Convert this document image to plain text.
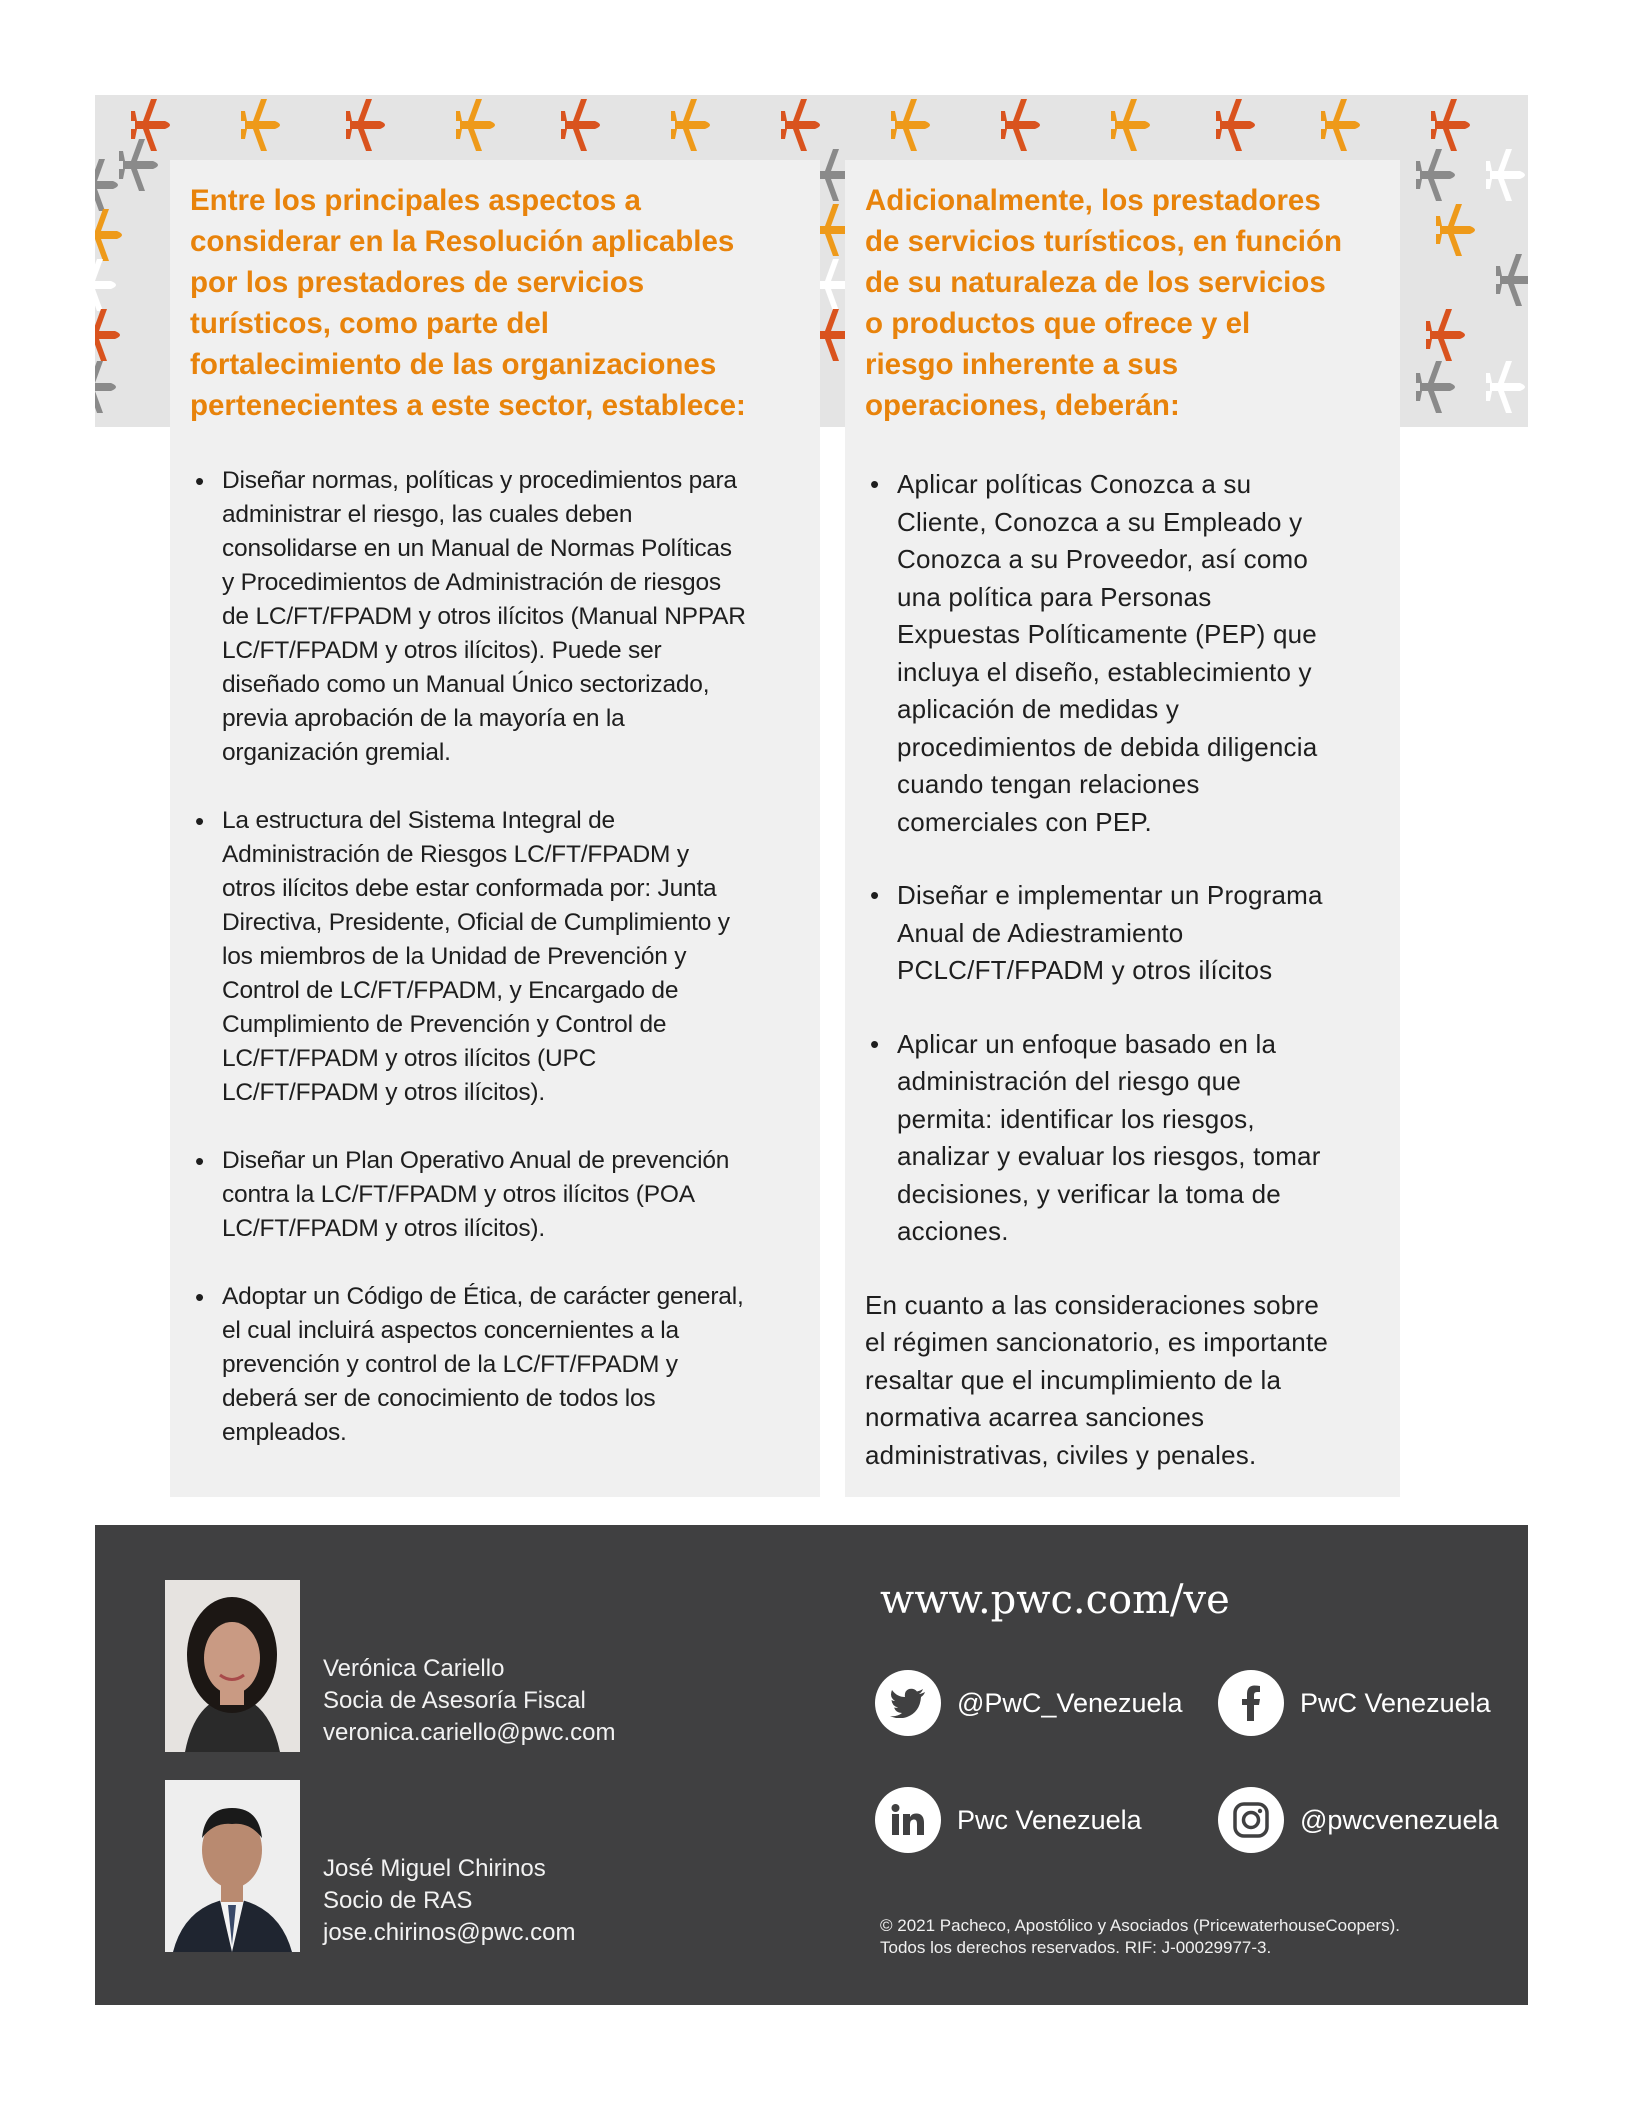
Entre los principales aspectos a
considerar en la Resolución aplicables
por los prestadores de servicios
turísticos, como parte del
fortalecimiento de las organizaciones
pertenecientes a este sector, establece:

• Diseñar normas, políticas y procedimientos para
administrar el riesgo, las cuales deben
consolidarse en un Manual de Normas Políticas
y Procedimientos de Administración de riesgos
de LC/FT/FPADM y otros ilícitos (Manual NPPAR
LC/FT/FPADM y otros ilícitos). Puede ser
diseñado como un Manual Único sectorizado,
previa aprobación de la mayoría en la
organización gremial.
• La estructura del Sistema Integral de
Administración de Riesgos LC/FT/FPADM y
otros ilícitos debe estar conformada por: Junta
Directiva, Presidente, Oficial de Cumplimiento y
los miembros de la Unidad de Prevención y
Control de LC/FT/FPADM, y Encargado de
Cumplimiento de Prevención y Control de
LC/FT/FPADM y otros ilícitos (UPC
LC/FT/FPADM y otros ilícitos).
• Diseñar un Plan Operativo Anual de prevención
contra la LC/FT/FPADM y otros ilícitos (POA
LC/FT/FPADM y otros ilícitos).
• Adoptar un Código de Ética, de carácter general,
el cual incluirá aspectos concernientes a la
prevención y control de la LC/FT/FPADM y
deberá ser de conocimiento de todos los
empleados.

Adicionalmente, los prestadores
de servicios turísticos, en función
de su naturaleza de los servicios
o productos que ofrece y el
riesgo inherente a sus
operaciones, deberán:

• Aplicar políticas Conozca a su
Cliente, Conozca a su Empleado y
Conozca a su Proveedor, así como
una política para Personas
Expuestas Políticamente (PEP) que
incluya el diseño, establecimiento y
aplicación de medidas y
procedimientos de debida diligencia
cuando tengan relaciones
comerciales con PEP.
• Diseñar e implementar un Programa
Anual de Adiestramiento
PCLC/FT/FPADM y otros ilícitos
• Aplicar un enfoque basado en la
administración del riesgo que
permita: identificar los riesgos,
analizar y evaluar los riesgos, tomar
decisiones, y verificar la toma de
acciones.

En cuanto a las consideraciones sobre
el régimen sancionatorio, es importante
resaltar que el incumplimiento de la
normativa acarrea sanciones
administrativas, civiles y penales.

Verónica Cariello
Socia de Asesoría Fiscal
veronica.cariello@pwc.com
José Miguel Chirinos
Socio de RAS
jose.chirinos@pwc.com
www.pwc.com/ve
@PwC_Venezuela	PwC Venezuela
Pwc Venezuela	@pwcvenezuela
© 2021 Pacheco, Apostólico y Asociados (PricewaterhouseCoopers).
Todos los derechos reservados. RIF: J-00029977-3.
